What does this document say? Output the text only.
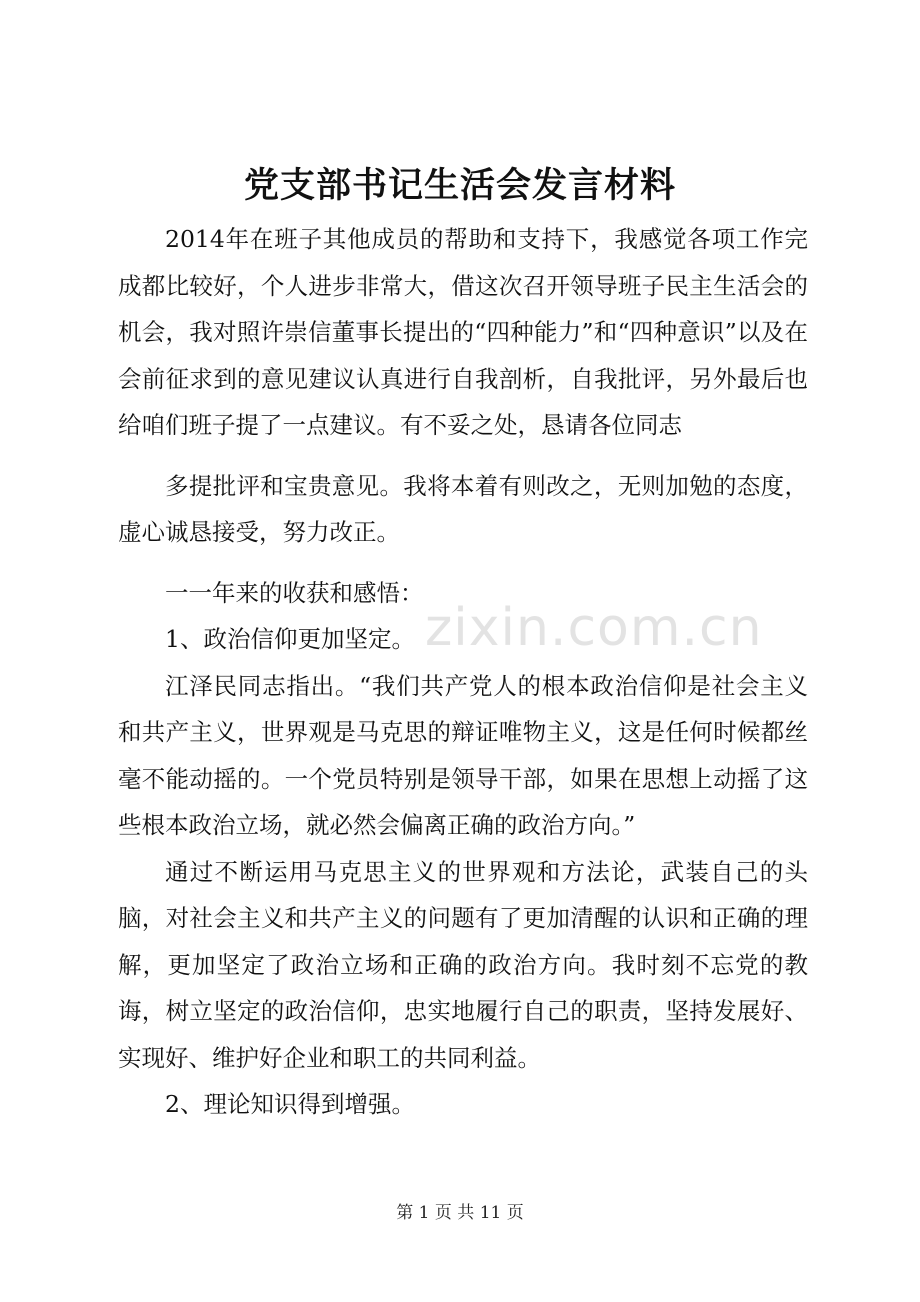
党支部书记生活会发言材料

2014年在班子其他成员的帮助和支持下，我感觉各项工作完成都比较好，个人进步非常大，借这次召开领导班子民主生活会的机会，我对照许崇信董事长提出的“四种能力”和“四种意识”以及在会前征求到的意见建议认真进行自我剖析，自我批评，另外最后也给咱们班子提了一点建议。有不妥之处，恳请各位同志

多提批评和宝贵意见。我将本着有则改之，无则加勉的态度，虚心诚恳接受，努力改正。

一一年来的收获和感悟：

1、政治信仰更加坚定。

江泽民同志指出。“我们共产党人的根本政治信仰是社会主义和共产主义，世界观是马克思的辩证唯物主义，这是任何时候都丝毫不能动摇的。一个党员特别是领导干部，如果在思想上动摇了这些根本政治立场，就必然会偏离正确的政治方向。”

通过不断运用马克思主义的世界观和方法论，武装自己的头脑，对社会主义和共产主义的问题有了更加清醒的认识和正确的理解，更加坚定了政治立场和正确的政治方向。我时刻不忘党的教诲，树立坚定的政治信仰，忠实地履行自己的职责，坚持发展好、实现好、维护好企业和职工的共同利益。

2、理论知识得到增强。

zixin.com.cn
第 1 页 共 11 页
